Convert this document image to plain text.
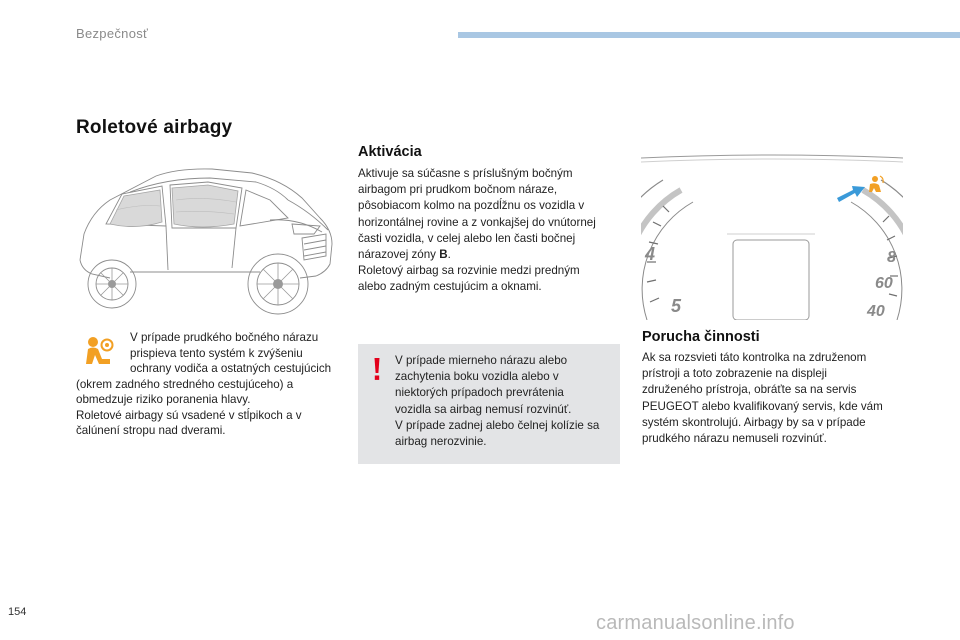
Bezpečnosť
Roletové airbagy
V prípade prudkého bočného nárazu
prispieva tento systém k zvýšeniu
ochrany vodiča a ostatných cestujúcich
(okrem zadného stredného cestujúceho) a
obmedzuje riziko poranenia hlavy.
Roletové airbagy sú vsadené v stĺpikoch a v
čalúnení stropu nad dverami.
Aktivácia
Aktivuje sa súčasne s príslušným bočným
airbagom pri prudkom bočnom náraze,
pôsobiacom kolmo na pozdĺžnu os vozidla v
horizontálnej rovine a z vonkajšej do vnútornej
časti vozidla, v celej alebo len časti bočnej
nárazovej zóny B.
Roletový airbag sa rozvinie medzi predným
alebo zadným cestujúcim a oknami.
V prípade mierneho nárazu alebo
zachytenia boku vozidla alebo v
niektorých prípadoch prevrátenia
vozidla sa airbag nemusí rozvinúť.
V prípade zadnej alebo čelnej kolízie sa
airbag nerozvinie.
4
5
8
60
40
Porucha činnosti
Ak sa rozsvieti táto kontrolka na združenom
prístroji a toto zobrazenie na displeji
združeného prístroja, obráťte sa na servis
PEUGEOT alebo kvalifikovaný servis, kde vám
systém skontrolujú. Airbagy by sa v prípade
prudkého nárazu nemuseli rozvinúť.
154	carmanualsonline.info
